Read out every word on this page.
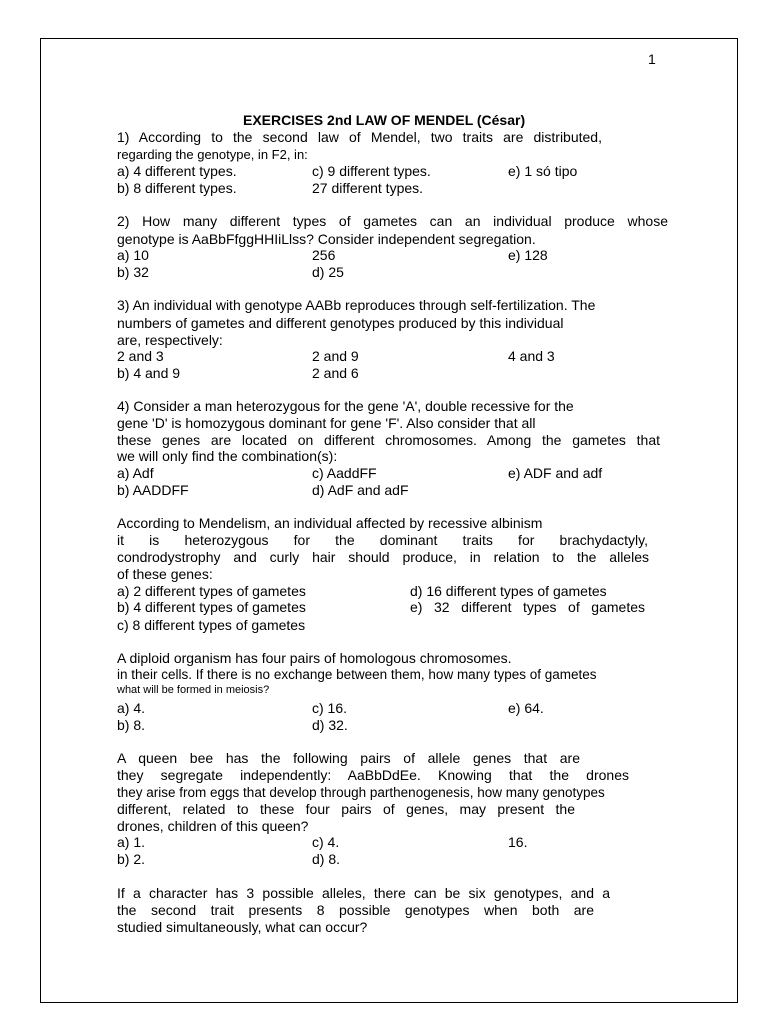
1
EXERCISES 2nd LAW OF MENDEL (César)
1) According to the second law of Mendel, two traits are distributed,
regarding the genotype, in F2, in:
a) 4 different types.	c) 9 different types.	e) 1 só tipo
b) 8 different types.	27 different types.
2) How many different types of gametes can an individual produce whose
genotype is AaBbFfggHHIiLlss? Consider independent segregation.
a) 10	256	e) 128
b) 32	d) 25
3) An individual with genotype AABb reproduces through self-fertilization. The
numbers of gametes and different genotypes produced by this individual
are, respectively:
2 and 3	2 and 9	4 and 3
b) 4 and 9	2 and 6
4) Consider a man heterozygous for the gene 'A', double recessive for the
gene 'D' is homozygous dominant for gene 'F'. Also consider that all
these genes are located on different chromosomes. Among the gametes that
we will only find the combination(s):
a) Adf	c) AaddFF	e) ADF and adf
b) AADDFF	d) AdF and adF
According to Mendelism, an individual affected by recessive albinism
it is heterozygous for the dominant traits for brachydactyly,
condrodystrophy and curly hair should produce, in relation to the alleles
of these genes:
a) 2 different types of gametes	d) 16 different types of gametes
b) 4 different types of gametes	e) 32 different types of gametes
c) 8 different types of gametes
A diploid organism has four pairs of homologous chromosomes.
in their cells. If there is no exchange between them, how many types of gametes
what will be formed in meiosis?
a) 4.	c) 16.	e) 64.
b) 8.	d) 32.
A queen bee has the following pairs of allele genes that are
they segregate independently: AaBbDdEe. Knowing that the drones
they arise from eggs that develop through parthenogenesis, how many genotypes
different, related to these four pairs of genes, may present the
drones, children of this queen?
a) 1.	c) 4.	16.
b) 2.	d) 8.
If a character has 3 possible alleles, there can be six genotypes, and a
the second trait presents 8 possible genotypes when both are
studied simultaneously, what can occur?
